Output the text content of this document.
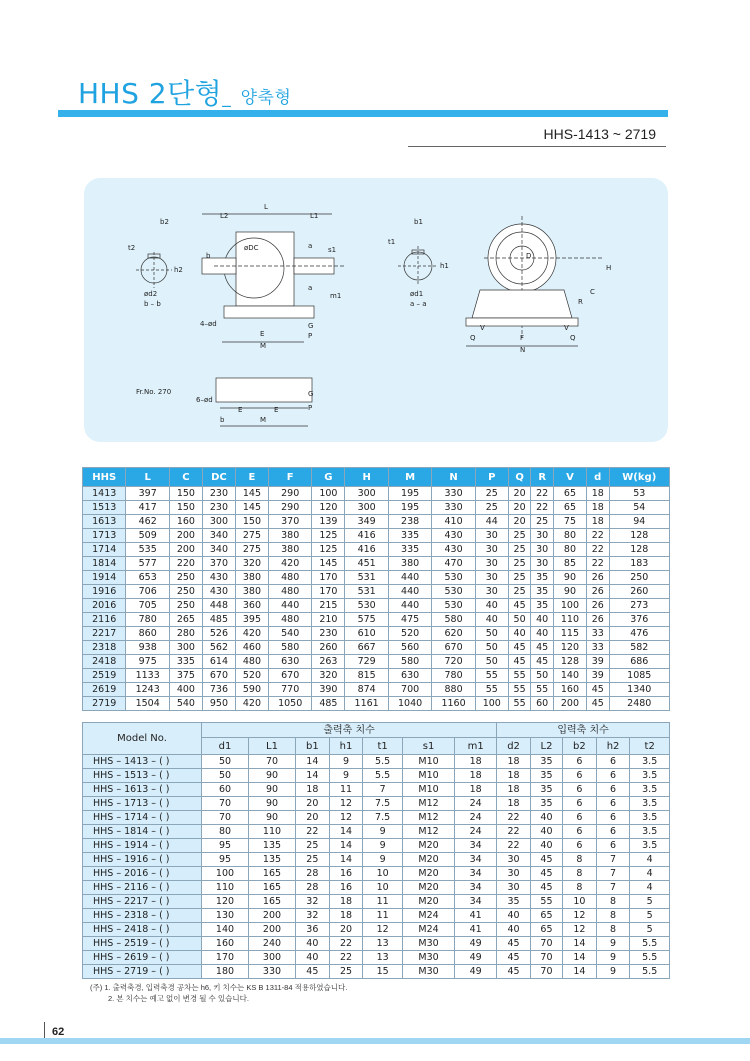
HHS 2단형_ 양축형
HHS-1413 ~ 2719
b2
t2
h2
ød2
b – b
L
L2	L1
b
øDC	a
a
s1
m1
4–ød	G
P
E
M
b1
t1
h1
ød1
a – a
H
D
C
R
V	V
Q	Q
F
N
Fr.No. 270
6–ød
G
P
E	E
b	M
HHS	L	C	DC	E	F	G	H	M	N	P	Q	R	V	d	W(kg)
1413	397	150	230	145	290	100	300	195	330	25	20	22	65	18	53
1513	417	150	230	145	290	120	300	195	330	25	20	22	65	18	54
1613	462	160	300	150	370	139	349	238	410	44	20	25	75	18	94
1713	509	200	340	275	380	125	416	335	430	30	25	30	80	22	128
1714	535	200	340	275	380	125	416	335	430	30	25	30	80	22	128
1814	577	220	370	320	420	145	451	380	470	30	25	30	85	22	183
1914	653	250	430	380	480	170	531	440	530	30	25	35	90	26	250
1916	706	250	430	380	480	170	531	440	530	30	25	35	90	26	260
2016	705	250	448	360	440	215	530	440	530	40	45	35	100	26	273
2116	780	265	485	395	480	210	575	475	580	40	50	40	110	26	376
2217	860	280	526	420	540	230	610	520	620	50	40	40	115	33	476
2318	938	300	562	460	580	260	667	560	670	50	45	45	120	33	582
2418	975	335	614	480	630	263	729	580	720	50	45	45	128	39	686
2519	1133	375	670	520	670	320	815	630	780	55	55	50	140	39	1085
2619	1243	400	736	590	770	390	874	700	880	55	55	55	160	45	1340
2719	1504	540	950	420	1050	485	1161	1040	1160	100	55	60	200	45	2480
Model No.	출력축 치수							입력축 치수				
	d1	L1	b1	h1	t1	s1	m1	d2	L2	b2	h2	t2
HHS – 1413 – ( )	50	70	14	9	5.5	M10	18	18	35	6	6	3.5
HHS – 1513 – ( )	50	90	14	9	5.5	M10	18	18	35	6	6	3.5
HHS – 1613 – ( )	60	90	18	11	7	M10	18	18	35	6	6	3.5
HHS – 1713 – ( )	70	90	20	12	7.5	M12	24	18	35	6	6	3.5
HHS – 1714 – ( )	70	90	20	12	7.5	M12	24	22	40	6	6	3.5
HHS – 1814 – ( )	80	110	22	14	9	M12	24	22	40	6	6	3.5
HHS – 1914 – ( )	95	135	25	14	9	M20	34	22	40	6	6	3.5
HHS – 1916 – ( )	95	135	25	14	9	M20	34	30	45	8	7	4
HHS – 2016 – ( )	100	165	28	16	10	M20	34	30	45	8	7	4
HHS – 2116 – ( )	110	165	28	16	10	M20	34	30	45	8	7	4
HHS – 2217 – ( )	120	165	32	18	11	M20	34	35	55	10	8	5
HHS – 2318 – ( )	130	200	32	18	11	M24	41	40	65	12	8	5
HHS – 2418 – ( )	140	200	36	20	12	M24	41	40	65	12	8	5
HHS – 2519 – ( )	160	240	40	22	13	M30	49	45	70	14	9	5.5
HHS – 2619 – ( )	170	300	40	22	13	M30	49	45	70	14	9	5.5
HHS – 2719 – ( )	180	330	45	25	15	M30	49	45	70	14	9	5.5
(주) 1. 출력축경, 입력축경 공차는 h6, 키 치수는 KS B 1311-84 적용하였습니다.
2. 본 치수는 예고 없이 변경 될 수 있습니다.
62
